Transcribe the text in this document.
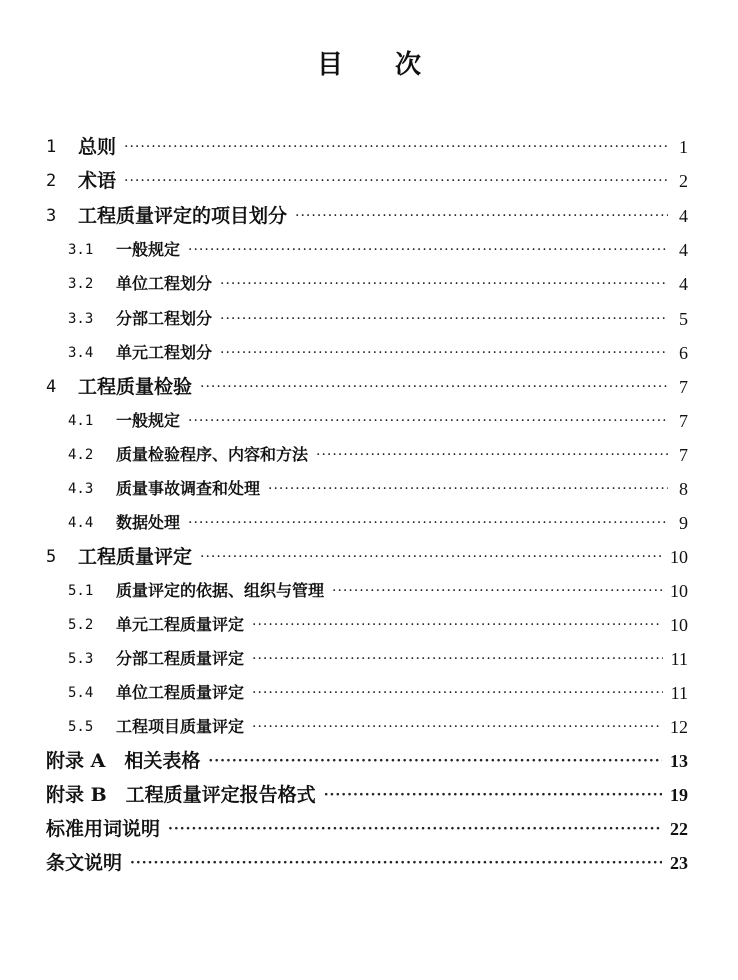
目 次
1	总则 ·····	1
2	术语 ·····	2
3	工程质量评定的项目划分 ·····	4
3.1	一般规定 ·····	4
3.2	单位工程划分 ·····	4
3.3	分部工程划分 ·····	5
3.4	单元工程划分 ·····	6
4	工程质量检验 ·····	7
4.1	一般规定 ·····	7
4.2	质量检验程序、内容和方法 ·····	7
4.3	质量事故调查和处理 ·····	8
4.4	数据处理 ·····	9
5	工程质量评定 ·····	10
5.1	质量评定的依据、组织与管理 ·····	10
5.2	单元工程质量评定 ·····	10
5.3	分部工程质量评定 ·····	11
5.4	单位工程质量评定 ·····	11
5.5	工程项目质量评定 ·····	12
附录 A　相关表格 ·····	13
附录 B　工程质量评定报告格式 ·····	19
标准用词说明 ·····	22
条文说明 ·····	23
